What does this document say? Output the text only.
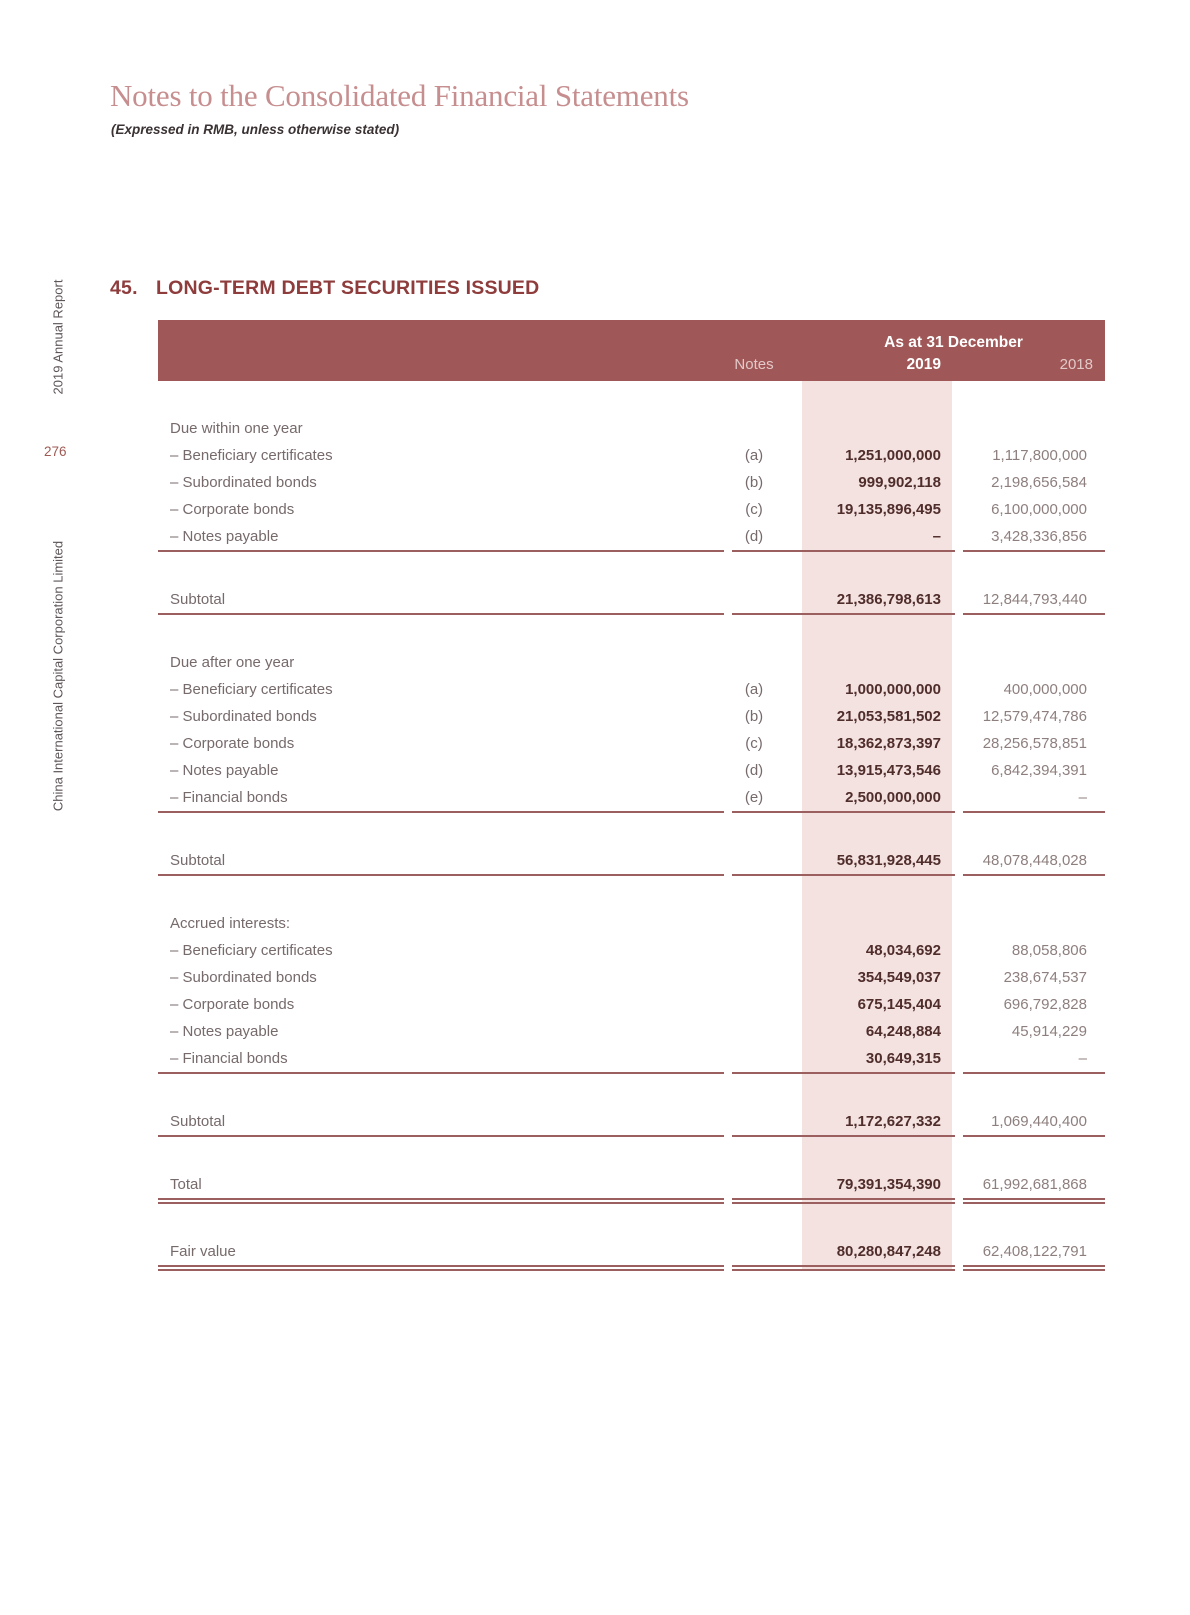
Notes to the Consolidated Financial Statements
(Expressed in RMB, unless otherwise stated)
2019 Annual Report
276
China International Capital Corporation Limited
45. LONG-TERM DEBT SECURITIES ISSUED
As at 31 December
Notes	2019	2018
Due within one year
– Beneficiary certificates	(a)	1,251,000,000	1,117,800,000
– Subordinated bonds	(b)	999,902,118	2,198,656,584
– Corporate bonds	(c)	19,135,896,495	6,100,000,000
– Notes payable	(d)	–	3,428,336,856
Subtotal	21,386,798,613	12,844,793,440
Due after one year
– Beneficiary certificates	(a)	1,000,000,000	400,000,000
– Subordinated bonds	(b)	21,053,581,502	12,579,474,786
– Corporate bonds	(c)	18,362,873,397	28,256,578,851
– Notes payable	(d)	13,915,473,546	6,842,394,391
– Financial bonds	(e)	2,500,000,000	–
Subtotal	56,831,928,445	48,078,448,028
Accrued interests:
– Beneficiary certificates	48,034,692	88,058,806
– Subordinated bonds	354,549,037	238,674,537
– Corporate bonds	675,145,404	696,792,828
– Notes payable	64,248,884	45,914,229
– Financial bonds	30,649,315	–
Subtotal	1,172,627,332	1,069,440,400
Total	79,391,354,390	61,992,681,868
Fair value	80,280,847,248	62,408,122,791
